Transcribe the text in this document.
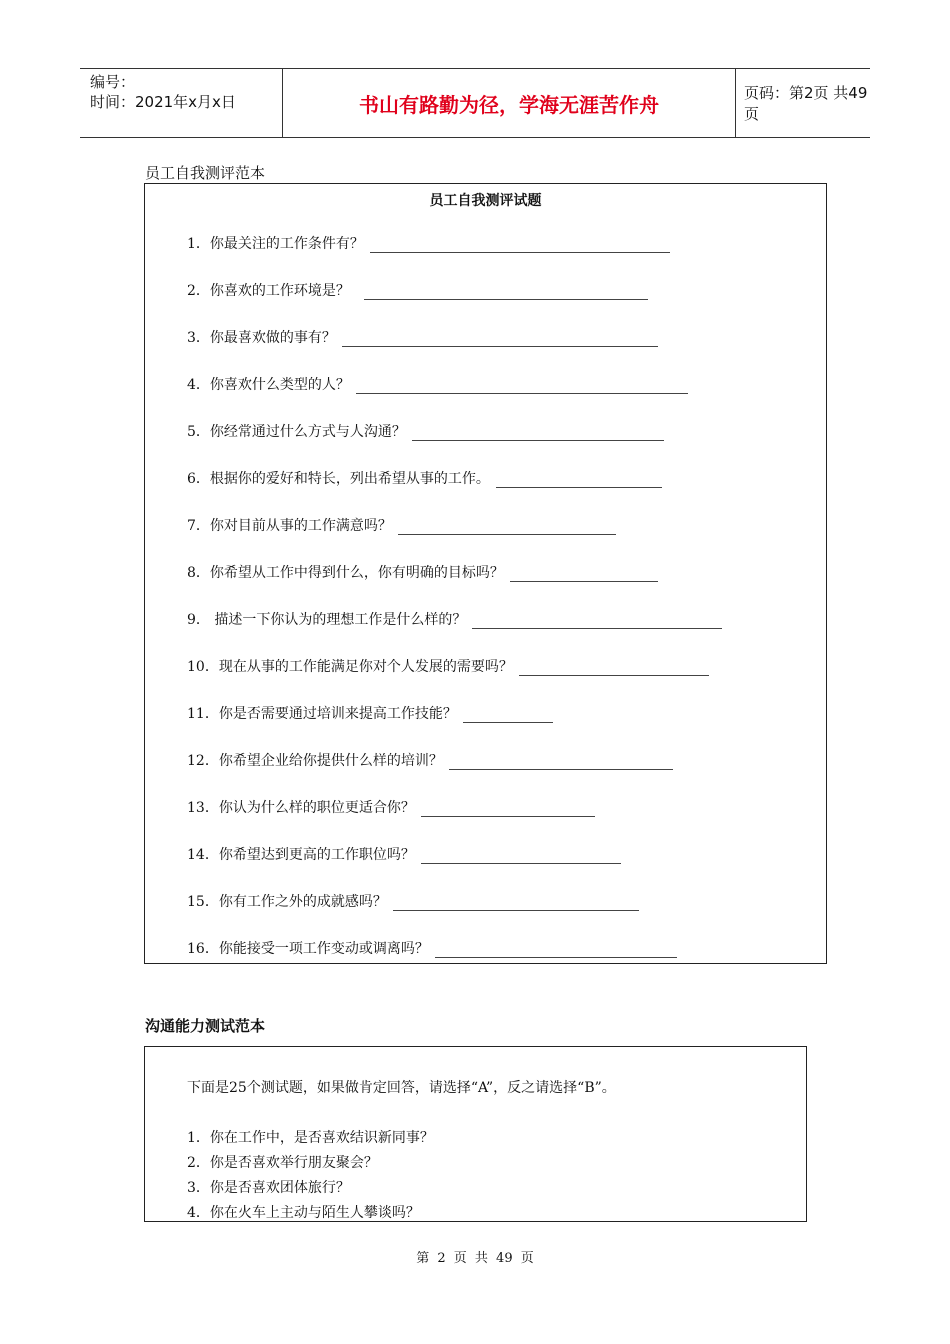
编号：
时间：2021年x月x日	书山有路勤为径，学海无涯苦作舟	页码：第2页 共49页
员工自我测评范本
员工自我测评试题
1．你最关注的工作条件有？
2．你喜欢的工作环境是？
3．你最喜欢做的事有？
4．你喜欢什么类型的人？
5．你经常通过什么方式与人沟通？
6．根据你的爱好和特长，列出希望从事的工作。
7．你对目前从事的工作满意吗？
8．你希望从工作中得到什么，你有明确的目标吗？
9． 描述一下你认为的理想工作是什么样的？
10．现在从事的工作能满足你对个人发展的需要吗？
11．你是否需要通过培训来提高工作技能？
12．你希望企业给你提供什么样的培训？
13．你认为什么样的职位更适合你？
14．你希望达到更高的工作职位吗？
15．你有工作之外的成就感吗？
16．你能接受一项工作变动或调离吗？
沟通能力测试范本
下面是25个测试题，如果做肯定回答，请选择“A”，反之请选择“B”。
1．你在工作中，是否喜欢结识新同事？
2．你是否喜欢举行朋友聚会？
3．你是否喜欢团体旅行？
4．你在火车上主动与陌生人攀谈吗？
第 2 页 共 49 页
